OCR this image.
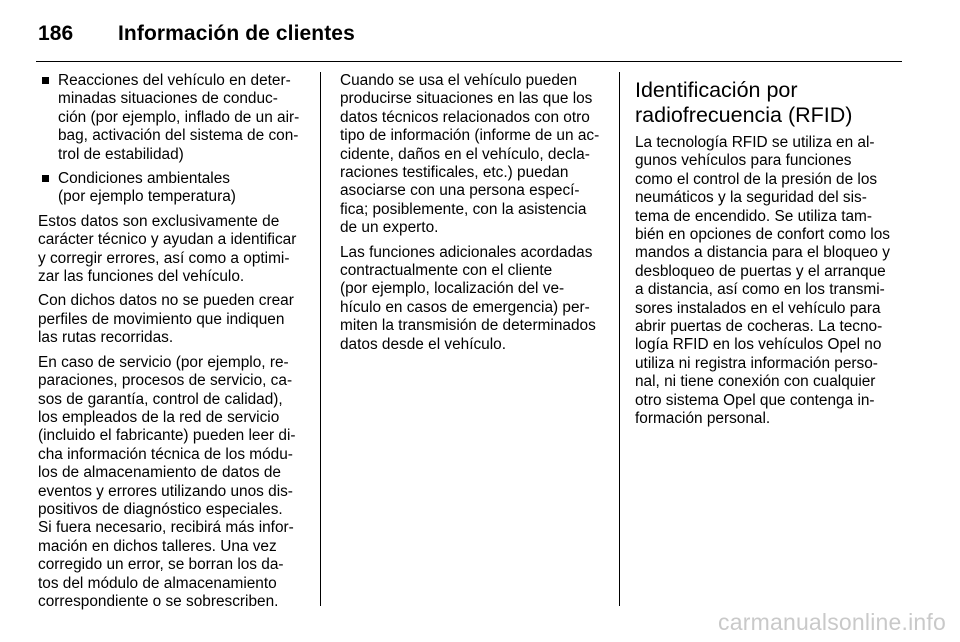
186	Información de clientes
Reacciones del vehículo en deter-
minadas situaciones de conduc-
ción (por ejemplo, inflado de un air-
bag, activación del sistema de con-
trol de estabilidad)
Condiciones ambientales
(por ejemplo temperatura)

Estos datos son exclusivamente de
carácter técnico y ayudan a identificar
y corregir errores, así como a optimi-
zar las funciones del vehículo.

Con dichos datos no se pueden crear
perfiles de movimiento que indiquen
las rutas recorridas.

En caso de servicio (por ejemplo, re-
paraciones, procesos de servicio, ca-
sos de garantía, control de calidad),
los empleados de la red de servicio
(incluido el fabricante) pueden leer di-
cha información técnica de los módu-
los de almacenamiento de datos de
eventos y errores utilizando unos dis-
positivos de diagnóstico especiales.
Si fuera necesario, recibirá más infor-
mación en dichos talleres. Una vez
corregido un error, se borran los da-
tos del módulo de almacenamiento
correspondiente o se sobrescriben.

Cuando se usa el vehículo pueden
producirse situaciones en las que los
datos técnicos relacionados con otro
tipo de información (informe de un ac-
cidente, daños en el vehículo, decla-
raciones testificales, etc.) puedan
asociarse con una persona especí-
fica; posiblemente, con la asistencia
de un experto.

Las funciones adicionales acordadas
contractualmente con el cliente
(por ejemplo, localización del ve-
hículo en casos de emergencia) per-
miten la transmisión de determinados
datos desde el vehículo.

Identificación por
radiofrecuencia (RFID)

La tecnología RFID se utiliza en al-
gunos vehículos para funciones
como el control de la presión de los
neumáticos y la seguridad del sis-
tema de encendido. Se utiliza tam-
bién en opciones de confort como los
mandos a distancia para el bloqueo y
desbloqueo de puertas y el arranque
a distancia, así como en los transmi-
sores instalados en el vehículo para
abrir puertas de cocheras. La tecno-
logía RFID en los vehículos Opel no
utiliza ni registra información perso-
nal, ni tiene conexión con cualquier
otro sistema Opel que contenga in-
formación personal.

carmanualsonline.info
